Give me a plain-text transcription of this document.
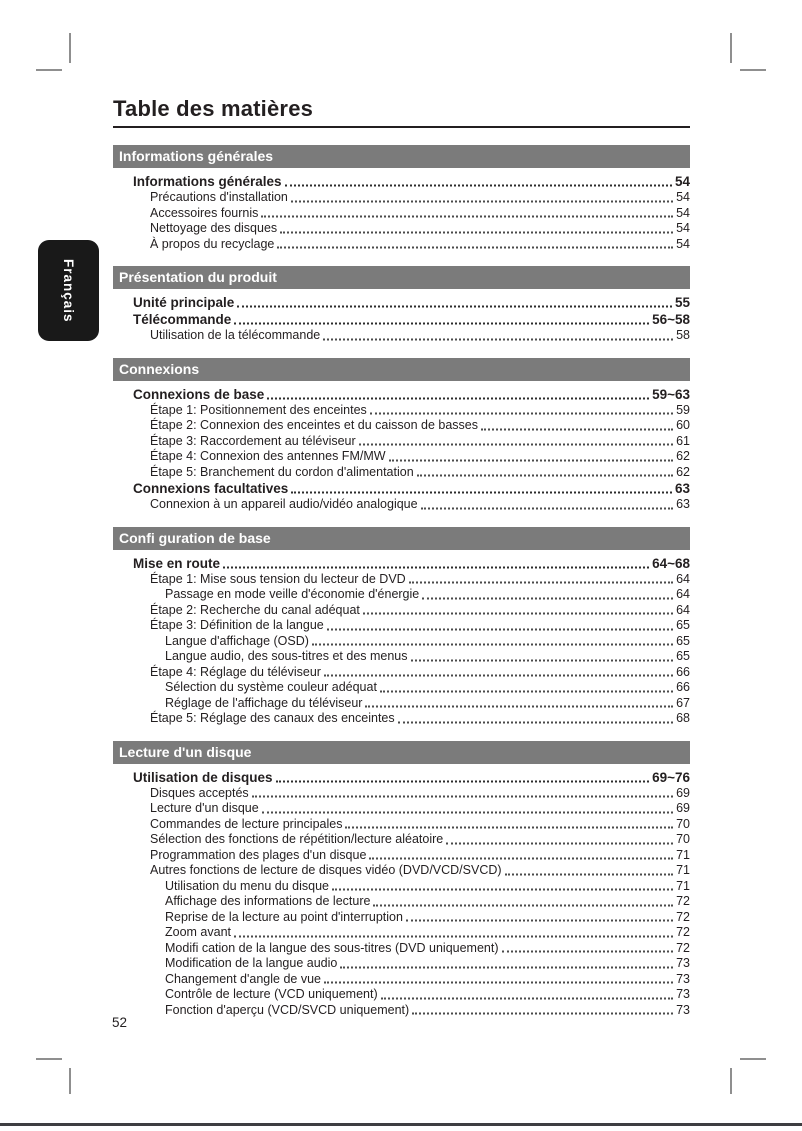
Français
Table des matières
Informations générales
Informations générales	54
Précautions d'installation	54
Accessoires fournis	54
Nettoyage des disques	54
À propos du recyclage	54
Présentation du produit
Unité principale	55
Télécommande	56~58
Utilisation de la télécommande	58
Connexions
Connexions de base	59~63
Étape 1: Positionnement des enceintes	59
Étape 2: Connexion des enceintes et du caisson de basses	60
Étape 3: Raccordement au téléviseur	61
Étape 4: Connexion des antennes FM/MW	62
Étape 5: Branchement du cordon d'alimentation	62
Connexions facultatives	63
Connexion à un appareil audio/vidéo analogique	63
Confi guration de base
Mise en route	64~68
Étape 1: Mise sous tension du lecteur de DVD	64
Passage en mode veille d'économie d'énergie	64
Étape 2: Recherche du canal adéquat	64
Étape 3: Définition de la langue	65
Langue d'affichage (OSD)	65
Langue audio, des sous-titres et des menus	65
Étape 4: Réglage du téléviseur	66
Sélection du système couleur adéquat	66
Réglage de l'affichage du téléviseur	67
Étape 5: Réglage des canaux des enceintes	68
Lecture d'un disque
Utilisation de disques	69~76
Disques acceptés	69
Lecture d'un disque	69
Commandes de lecture principales	70
Sélection des fonctions de répétition/lecture aléatoire	70
Programmation des plages d'un disque	71
Autres fonctions de lecture de disques vidéo (DVD/VCD/SVCD)	71
Utilisation du menu du disque	71
Affichage des informations de lecture	72
Reprise de la lecture au point d'interruption	72
Zoom avant	72
Modifi cation de la langue des sous-titres (DVD uniquement)	72
Modification de la langue audio	73
Changement d'angle de vue	73
Contrôle de lecture (VCD uniquement)	73
Fonction d'aperçu (VCD/SVCD uniquement)	73
52
